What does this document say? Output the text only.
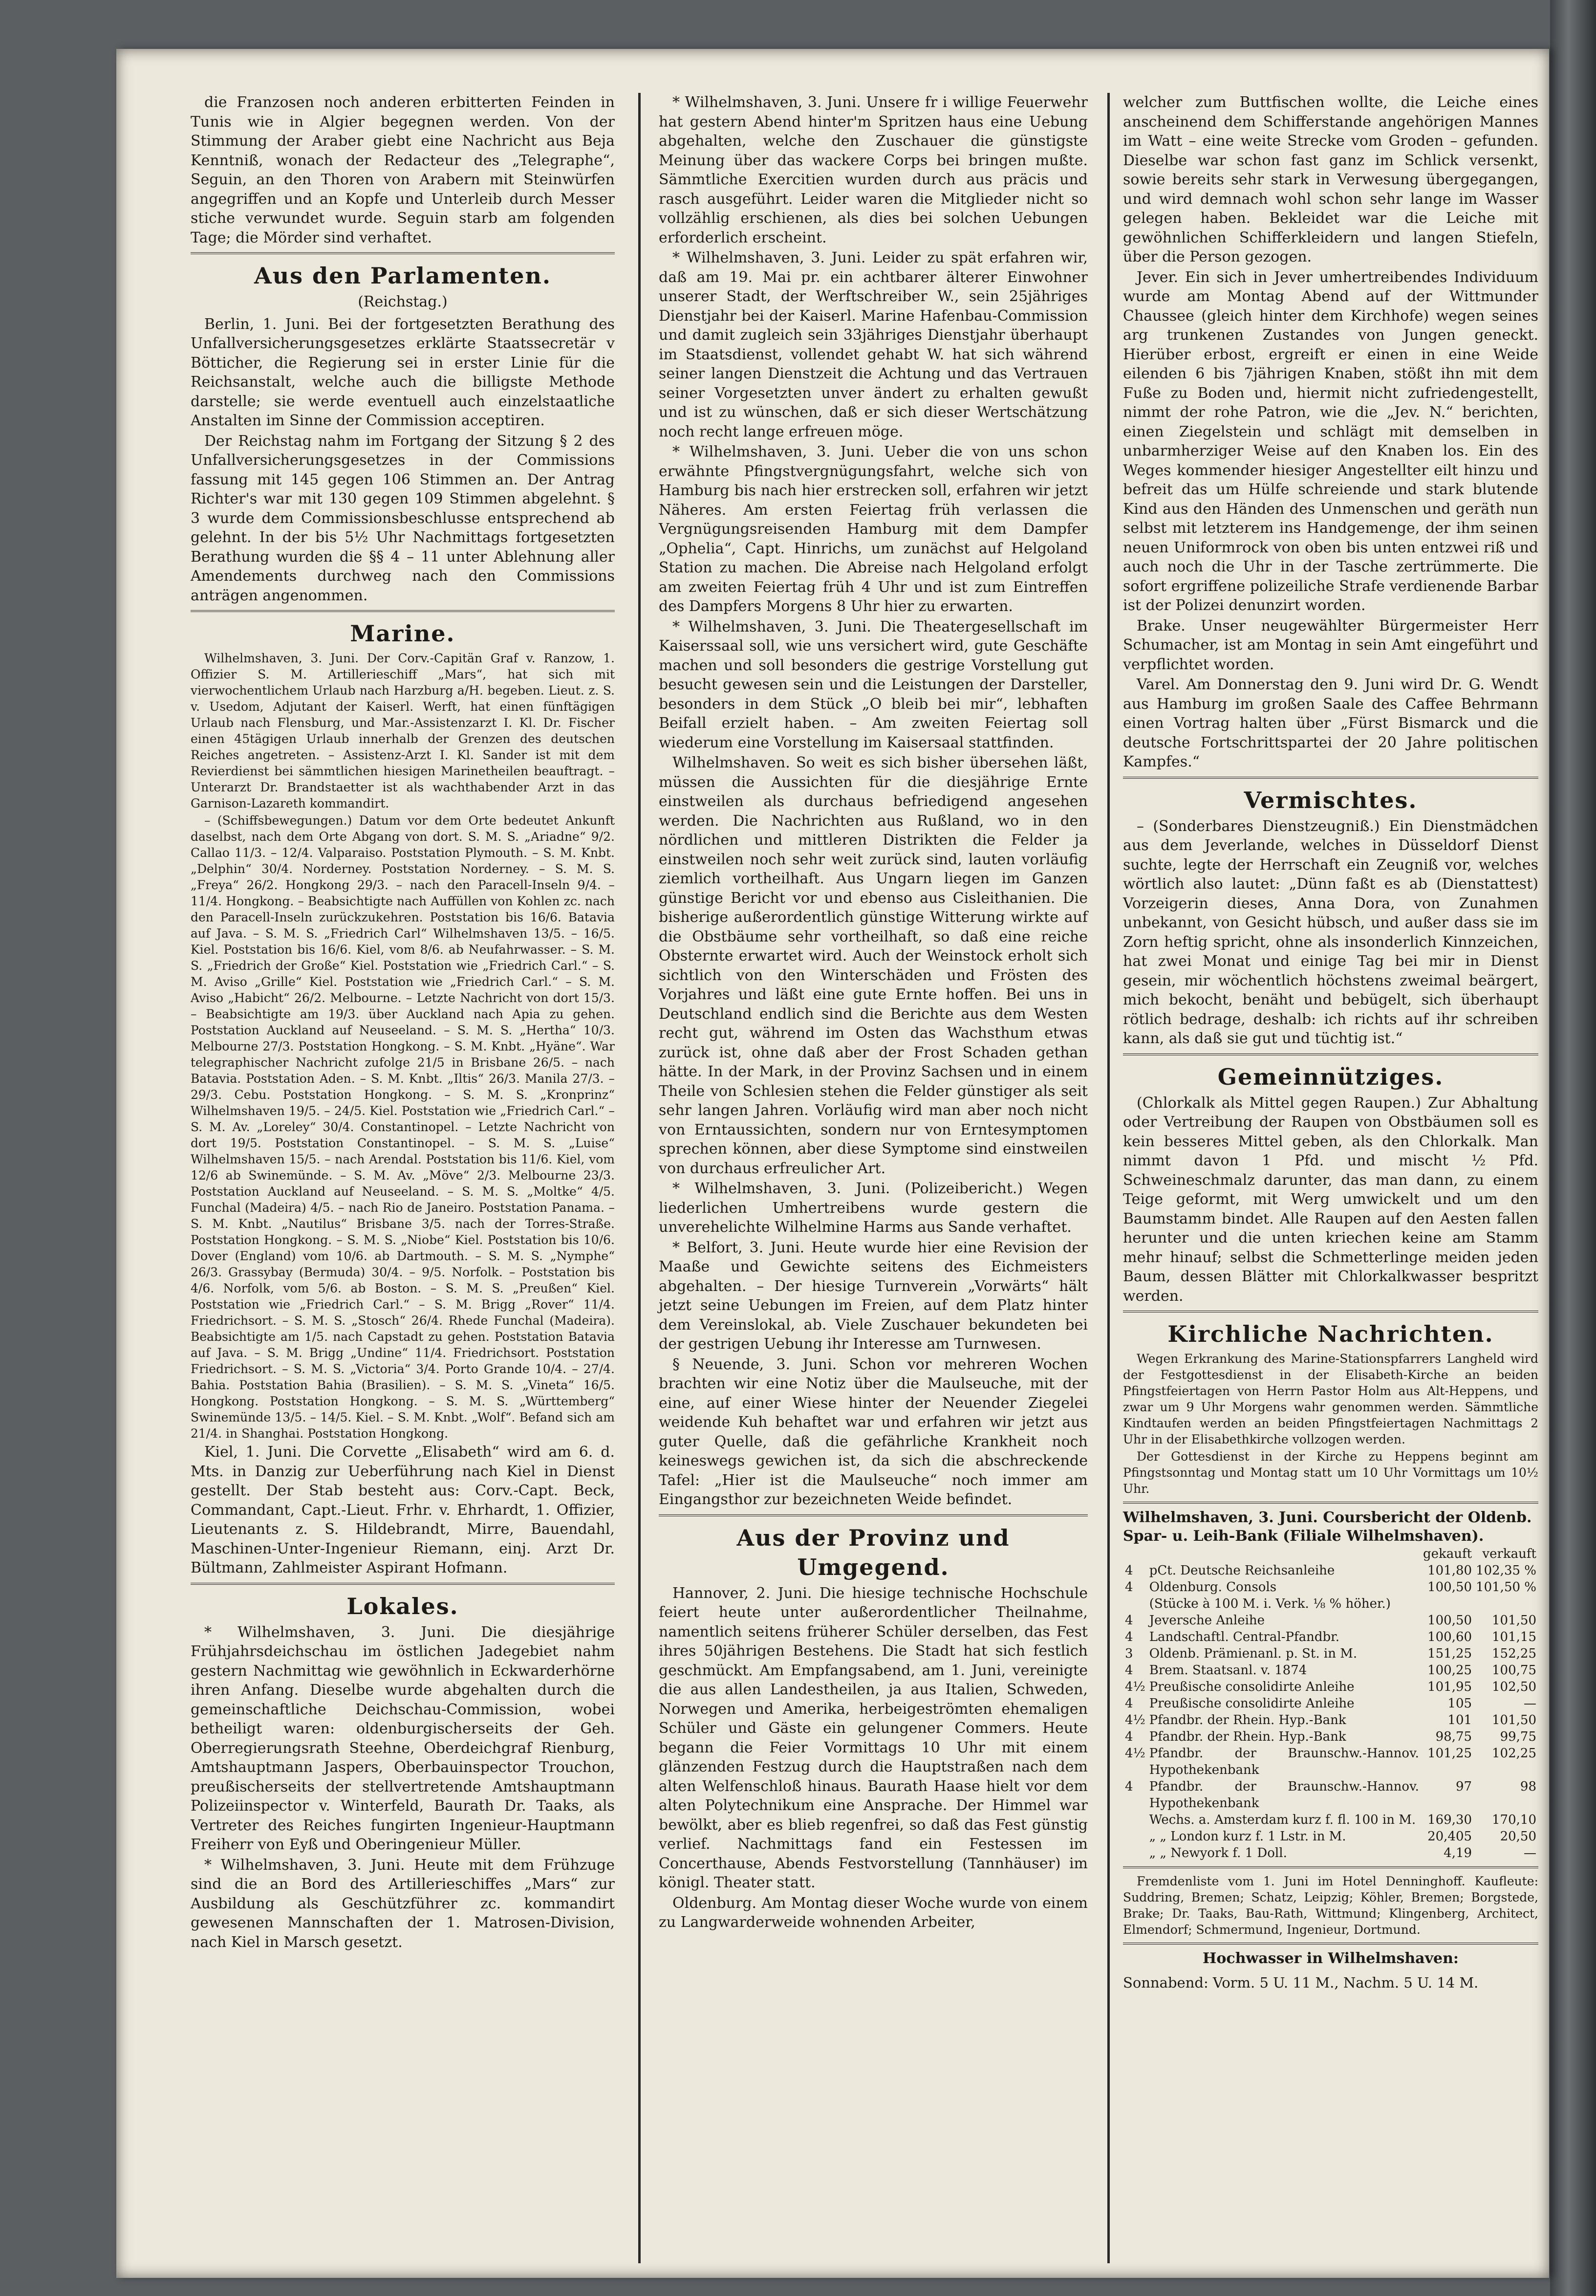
die Franzosen noch anderen erbitterten Feinden in Tunis wie in Algier begegnen werden. Von der Stimmung der Araber giebt eine Nachricht aus Beja Kenntniß, wonach der Redacteur des „Telegraphe“, Seguin, an den Thoren von Arabern mit Steinwürfen angegriffen und an Kopfe und Unterleib durch Messer stiche verwundet wurde. Seguin starb am folgenden Tage; die Mörder sind verhaftet.

Aus den Parlamenten.
(Reichstag.)

Berlin, 1. Juni. Bei der fortgesetzten Berathung des Unfallversicherungsgesetzes erklärte Staatssecretär v Bötticher, die Regierung sei in erster Linie für die Reichsanstalt, welche auch die billigste Methode darstelle; sie werde eventuell auch einzelstaatliche Anstalten im Sinne der Commission acceptiren.

Der Reichstag nahm im Fortgang der Sitzung § 2 des Unfallversicherungsgesetzes in der Commissions fassung mit 145 gegen 106 Stimmen an. Der Antrag Richter's war mit 130 gegen 109 Stimmen abgelehnt. § 3 wurde dem Commissionsbeschlusse entsprechend ab gelehnt. In der bis 5½ Uhr Nachmittags fortgesetzten Berathung wurden die §§ 4 – 11 unter Ablehnung aller Amendements durchweg nach den Commissions anträgen angenommen.

Marine.

Wilhelmshaven, 3. Juni. Der Corv.-Capitän Graf v. Ranzow, 1. Offizier S. M. Artillerieschiff „Mars“, hat sich mit vierwochentlichem Urlaub nach Harzburg a/H. begeben. Lieut. z. S. v. Usedom, Adjutant der Kaiserl. Werft, hat einen fünftägigen Urlaub nach Flensburg, und Mar.-Assistenzarzt I. Kl. Dr. Fischer einen 45tägigen Urlaub innerhalb der Grenzen des deutschen Reiches angetreten. – Assistenz-Arzt I. Kl. Sander ist mit dem Revierdienst bei sämmtlichen hiesigen Marinetheilen beauftragt. – Unterarzt Dr. Brandstaetter ist als wachthabender Arzt in das Garnison-Lazareth kommandirt.

– (Schiffsbewegungen.) Datum vor dem Orte bedeutet Ankunft daselbst, nach dem Orte Abgang von dort. S. M. S. „Ariadne“ 9/2. Callao 11/3. – 12/4. Valparaiso. Poststation Plymouth. – S. M. Knbt. „Delphin“ 30/4. Norderney. Poststation Norderney. – S. M. S. „Freya“ 26/2. Hongkong 29/3. – nach den Paracell-Inseln 9/4. – 11/4. Hongkong. – Beabsichtigte nach Auffüllen von Kohlen zc. nach den Paracell-Inseln zurückzukehren. Poststation bis 16/6. Batavia auf Java. – S. M. S. „Friedrich Carl“ Wilhelmshaven 13/5. – 16/5. Kiel. Poststation bis 16/6. Kiel, vom 8/6. ab Neufahrwasser. – S. M. S. „Friedrich der Große“ Kiel. Poststation wie „Friedrich Carl.“ – S. M. Aviso „Grille“ Kiel. Poststation wie „Friedrich Carl.“ – S. M. Aviso „Habicht“ 26/2. Melbourne. – Letzte Nachricht von dort 15/3. – Beabsichtigte am 19/3. über Auckland nach Apia zu gehen. Poststation Auckland auf Neuseeland. – S. M. S. „Hertha“ 10/3. Melbourne 27/3. Poststation Hongkong. – S. M. Knbt. „Hyäne“. War telegraphischer Nachricht zufolge 21/5 in Brisbane 26/5. – nach Batavia. Poststation Aden. – S. M. Knbt. „Iltis“ 26/3. Manila 27/3. – 29/3. Cebu. Poststation Hongkong. – S. M. S. „Kronprinz“ Wilhelmshaven 19/5. – 24/5. Kiel. Poststation wie „Friedrich Carl.“ – S. M. Av. „Loreley“ 30/4. Constantinopel. – Letzte Nachricht von dort 19/5. Poststation Constantinopel. – S. M. S. „Luise“ Wilhelmshaven 15/5. – nach Arendal. Poststation bis 11/6. Kiel, vom 12/6 ab Swinemünde. – S. M. Av. „Möve“ 2/3. Melbourne 23/3. Poststation Auckland auf Neuseeland. – S. M. S. „Moltke“ 4/5. Funchal (Madeira) 4/5. – nach Rio de Janeiro. Poststation Panama. – S. M. Knbt. „Nautilus“ Brisbane 3/5. nach der Torres-Straße. Poststation Hongkong. – S. M. S. „Niobe“ Kiel. Poststation bis 10/6. Dover (England) vom 10/6. ab Dartmouth. – S. M. S. „Nymphe“ 26/3. Grassybay (Bermuda) 30/4. – 9/5. Norfolk. – Poststation bis 4/6. Norfolk, vom 5/6. ab Boston. – S. M. S. „Preußen“ Kiel. Poststation wie „Friedrich Carl.“ – S. M. Brigg „Rover“ 11/4. Friedrichsort. – S. M. S. „Stosch“ 26/4. Rhede Funchal (Madeira). Beabsichtigte am 1/5. nach Capstadt zu gehen. Poststation Batavia auf Java. – S. M. Brigg „Undine“ 11/4. Friedrichsort. Poststation Friedrichsort. – S. M. S. „Victoria“ 3/4. Porto Grande 10/4. – 27/4. Bahia. Poststation Bahia (Brasilien). – S. M. S. „Vineta“ 16/5. Hongkong. Poststation Hongkong. – S. M. S. „Württemberg“ Swinemünde 13/5. – 14/5. Kiel. – S. M. Knbt. „Wolf“. Befand sich am 21/4. in Shanghai. Poststation Hongkong.

Kiel, 1. Juni. Die Corvette „Elisabeth“ wird am 6. d. Mts. in Danzig zur Ueberführung nach Kiel in Dienst gestellt. Der Stab besteht aus: Corv.-Capt. Beck, Commandant, Capt.-Lieut. Frhr. v. Ehrhardt, 1. Offizier, Lieutenants z. S. Hildebrandt, Mirre, Bauendahl, Maschinen-Unter-Ingenieur Riemann, einj. Arzt Dr. Bültmann, Zahlmeister Aspirant Hofmann.

Lokales.

* Wilhelmshaven, 3. Juni. Die diesjährige Frühjahrsdeichschau im östlichen Jadegebiet nahm gestern Nachmittag wie gewöhnlich in Eckwarderhörne ihren Anfang. Dieselbe wurde abgehalten durch die gemeinschaftliche Deichschau-Commission, wobei betheiligt waren: oldenburgischerseits der Geh. Oberregierungsrath Steehne, Oberdeichgraf Rienburg, Amtshauptmann Jaspers, Oberbauinspector Trouchon, preußischerseits der stellvertretende Amtshauptmann Polizeiinspector v. Winterfeld, Baurath Dr. Taaks, als Vertreter des Reiches fungirten Ingenieur-Hauptmann Freiherr von Eyß und Oberingenieur Müller.

* Wilhelmshaven, 3. Juni. Heute mit dem Frühzuge sind die an Bord des Artillerieschiffes „Mars“ zur Ausbildung als Geschützführer zc. kommandirt gewesenen Mannschaften der 1. Matrosen-Division, nach Kiel in Marsch gesetzt.

* Wilhelmshaven, 3. Juni. Unsere fr i willige Feuerwehr hat gestern Abend hinter'm Spritzen haus eine Uebung abgehalten, welche den Zuschauer die günstigste Meinung über das wackere Corps bei bringen mußte. Sämmtliche Exercitien wurden durch aus präcis und rasch ausgeführt. Leider waren die Mitglieder nicht so vollzählig erschienen, als dies bei solchen Uebungen erforderlich erscheint.

* Wilhelmshaven, 3. Juni. Leider zu spät erfahren wir, daß am 19. Mai pr. ein achtbarer älterer Einwohner unserer Stadt, der Werftschreiber W., sein 25jähriges Dienstjahr bei der Kaiserl. Marine Hafenbau-Commission und damit zugleich sein 33jähriges Dienstjahr überhaupt im Staatsdienst, vollendet gehabt W. hat sich während seiner langen Dienstzeit die Achtung und das Vertrauen seiner Vorgesetzten unver ändert zu erhalten gewußt und ist zu wünschen, daß er sich dieser Wertschätzung noch recht lange erfreuen möge.

* Wilhelmshaven, 3. Juni. Ueber die von uns schon erwähnte Pfingstvergnügungsfahrt, welche sich von Hamburg bis nach hier erstrecken soll, erfahren wir jetzt Näheres. Am ersten Feiertag früh verlassen die Vergnügungsreisenden Hamburg mit dem Dampfer „Ophelia“, Capt. Hinrichs, um zunächst auf Helgoland Station zu machen. Die Abreise nach Helgoland erfolgt am zweiten Feiertag früh 4 Uhr und ist zum Eintreffen des Dampfers Morgens 8 Uhr hier zu erwarten.

* Wilhelmshaven, 3. Juni. Die Theatergesellschaft im Kaiserssaal soll, wie uns versichert wird, gute Geschäfte machen und soll besonders die gestrige Vorstellung gut besucht gewesen sein und die Leistungen der Darsteller, besonders in dem Stück „O bleib bei mir“, lebhaften Beifall erzielt haben. – Am zweiten Feiertag soll wiederum eine Vorstellung im Kaisersaal stattfinden.

Wilhelmshaven. So weit es sich bisher übersehen läßt, müssen die Aussichten für die diesjährige Ernte einstweilen als durchaus befriedigend angesehen werden. Die Nachrichten aus Rußland, wo in den nördlichen und mittleren Distrikten die Felder ja einstweilen noch sehr weit zurück sind, lauten vorläufig ziemlich vortheilhaft. Aus Ungarn liegen im Ganzen günstige Bericht vor und ebenso aus Cisleithanien. Die bisherige außerordentlich günstige Witterung wirkte auf die Obstbäume sehr vortheilhaft, so daß eine reiche Obsternte erwartet wird. Auch der Weinstock erholt sich sichtlich von den Winterschäden und Frösten des Vorjahres und läßt eine gute Ernte hoffen. Bei uns in Deutschland endlich sind die Berichte aus dem Westen recht gut, während im Osten das Wachsthum etwas zurück ist, ohne daß aber der Frost Schaden gethan hätte. In der Mark, in der Provinz Sachsen und in einem Theile von Schlesien stehen die Felder günstiger als seit sehr langen Jahren. Vorläufig wird man aber noch nicht von Erntaussichten, sondern nur von Erntesymptomen sprechen können, aber diese Symptome sind einstweilen von durchaus erfreulicher Art.

* Wilhelmshaven, 3. Juni. (Polizeibericht.) Wegen liederlichen Umhertreibens wurde gestern die unverehelichte Wilhelmine Harms aus Sande verhaftet.

* Belfort, 3. Juni. Heute wurde hier eine Revision der Maaße und Gewichte seitens des Eichmeisters abgehalten. – Der hiesige Turnverein „Vorwärts“ hält jetzt seine Uebungen im Freien, auf dem Platz hinter dem Vereinslokal, ab. Viele Zuschauer bekundeten bei der gestrigen Uebung ihr Interesse am Turnwesen.

§ Neuende, 3. Juni. Schon vor mehreren Wochen brachten wir eine Notiz über die Maulseuche, mit der eine, auf einer Wiese hinter der Neuender Ziegelei weidende Kuh behaftet war und erfahren wir jetzt aus guter Quelle, daß die gefährliche Krankheit noch keineswegs gewichen ist, da sich die abschreckende Tafel: „Hier ist die Maulseuche“ noch immer am Eingangsthor zur bezeichneten Weide befindet.

Aus der Provinz und Umgegend.

Hannover, 2. Juni. Die hiesige technische Hochschule feiert heute unter außerordentlicher Theilnahme, namentlich seitens früherer Schüler derselben, das Fest ihres 50jährigen Bestehens. Die Stadt hat sich festlich geschmückt. Am Empfangsabend, am 1. Juni, vereinigte die aus allen Landestheilen, ja aus Italien, Schweden, Norwegen und Amerika, herbeigeströmten ehemaligen Schüler und Gäste ein gelungener Commers. Heute begann die Feier Vormittags 10 Uhr mit einem glänzenden Festzug durch die Hauptstraßen nach dem alten Welfenschloß hinaus. Baurath Haase hielt vor dem alten Polytechnikum eine Ansprache. Der Himmel war bewölkt, aber es blieb regenfrei, so daß das Fest günstig verlief. Nachmittags fand ein Festessen im Concerthause, Abends Festvorstellung (Tannhäuser) im königl. Theater statt.

Oldenburg. Am Montag dieser Woche wurde von einem zu Langwarderweide wohnenden Arbeiter,

welcher zum Buttfischen wollte, die Leiche eines anscheinend dem Schifferstande angehörigen Mannes im Watt – eine weite Strecke vom Groden – gefunden. Dieselbe war schon fast ganz im Schlick versenkt, sowie bereits sehr stark in Verwesung übergegangen, und wird demnach wohl schon sehr lange im Wasser gelegen haben. Bekleidet war die Leiche mit gewöhnlichen Schifferkleidern und langen Stiefeln, über die Person gezogen.

Jever. Ein sich in Jever umhertreibendes Individuum wurde am Montag Abend auf der Wittmunder Chaussee (gleich hinter dem Kirchhofe) wegen seines arg trunkenen Zustandes von Jungen geneckt. Hierüber erbost, ergreift er einen in eine Weide eilenden 6 bis 7jährigen Knaben, stößt ihn mit dem Fuße zu Boden und, hiermit nicht zufriedengestellt, nimmt der rohe Patron, wie die „Jev. N.“ berichten, einen Ziegelstein und schlägt mit demselben in unbarmherziger Weise auf den Knaben los. Ein des Weges kommender hiesiger Angestellter eilt hinzu und befreit das um Hülfe schreiende und stark blutende Kind aus den Händen des Unmenschen und geräth nun selbst mit letzterem ins Handgemenge, der ihm seinen neuen Uniformrock von oben bis unten entzwei riß und auch noch die Uhr in der Tasche zertrümmerte. Die sofort ergriffene polizeiliche Strafe verdienende Barbar ist der Polizei denunzirt worden.

Brake. Unser neugewählter Bürgermeister Herr Schumacher, ist am Montag in sein Amt eingeführt und verpflichtet worden.

Varel. Am Donnerstag den 9. Juni wird Dr. G. Wendt aus Hamburg im großen Saale des Caffee Behrmann einen Vortrag halten über „Fürst Bismarck und die deutsche Fortschrittspartei der 20 Jahre politischen Kampfes.“

Vermischtes.

– (Sonderbares Dienstzeugniß.) Ein Dienstmädchen aus dem Jeverlande, welches in Düsseldorf Dienst suchte, legte der Herrschaft ein Zeugniß vor, welches wörtlich also lautet: „Dünn faßt es ab (Dienstattest) Vorzeigerin dieses, Anna Dora, von Zunahmen unbekannt, von Gesicht hübsch, und außer dass sie im Zorn heftig spricht, ohne als insonderlich Kinnzeichen, hat zwei Monat und einige Tag bei mir in Dienst gesein, mir wöchentlich höchstens zweimal beärgert, mich bekocht, benäht und bebügelt, sich überhaupt rötlich bedrage, deshalb: ich richts auf ihr schreiben kann, als daß sie gut und tüchtig ist.“

Gemeinnütziges.

(Chlorkalk als Mittel gegen Raupen.) Zur Abhaltung oder Vertreibung der Raupen von Obstbäumen soll es kein besseres Mittel geben, als den Chlorkalk. Man nimmt davon 1 Pfd. und mischt ½ Pfd. Schweineschmalz darunter, das man dann, zu einem Teige geformt, mit Werg umwickelt und um den Baumstamm bindet. Alle Raupen auf den Aesten fallen herunter und die unten kriechen keine am Stamm mehr hinauf; selbst die Schmetterlinge meiden jeden Baum, dessen Blätter mit Chlorkalkwasser bespritzt werden.

Kirchliche Nachrichten.

Wegen Erkrankung des Marine-Stationspfarrers Langheld wird der Festgottesdienst in der Elisabeth-Kirche an beiden Pfingstfeiertagen von Herrn Pastor Holm aus Alt-Heppens, und zwar um 9 Uhr Morgens wahr genommen werden. Sämmtliche Kindtaufen werden an beiden Pfingstfeiertagen Nachmittags 2 Uhr in der Elisabethkirche vollzogen werden.

Der Gottesdienst in der Kirche zu Heppens beginnt am Pfingstsonntag und Montag statt um 10 Uhr Vormittags um 10½ Uhr.

Wilhelmshaven, 3. Juni. Coursbericht der Oldenb. Spar- u. Leih-Bank (Filiale Wilhelmshaven).
		gekauft	verkauft
4	pCt. Deutsche Reichsanleihe	101,80	102,35 %
4	Oldenburg. Consols	100,50	101,50 %
	(Stücke à 100 M. i. Verk. ⅛ % höher.)		
4	Jeversche Anleihe	100,50	101,50
4	Landschaftl. Central-Pfandbr.	100,60	101,15
3	Oldenb. Prämienanl. p. St. in M.	151,25	152,25
4	Brem. Staatsanl. v. 1874	100,25	100,75
4½	Preußische consolidirte Anleihe	101,95	102,50
4	Preußische consolidirte Anleihe	105	—
4½	Pfandbr. der Rhein. Hyp.-Bank	101	101,50
4	Pfandbr. der Rhein. Hyp.-Bank	98,75	99,75
4½	Pfandbr. der Braunschw.-Hannov. Hypothekenbank	101,25	102,25
4	Pfandbr. der Braunschw.-Hannov. Hypothekenbank	97	98
	Wechs. a. Amsterdam kurz f. fl. 100 in M.	169,30	170,10
	„ „ London kurz f. 1 Lstr. in M.	20,405	20,50
	„ „ Newyork f. 1 Doll.	4,19	—

Fremdenliste vom 1. Juni im Hotel Denninghoff. Kaufleute: Suddring, Bremen; Schatz, Leipzig; Köhler, Bremen; Borgstede, Brake; Dr. Taaks, Bau-Rath, Wittmund; Klingenberg, Architect, Elmendorf; Schmermund, Ingenieur, Dortmund.

Hochwasser in Wilhelmshaven:
Sonnabend: Vorm. 5 U. 11 M., Nachm. 5 U. 14 M.
